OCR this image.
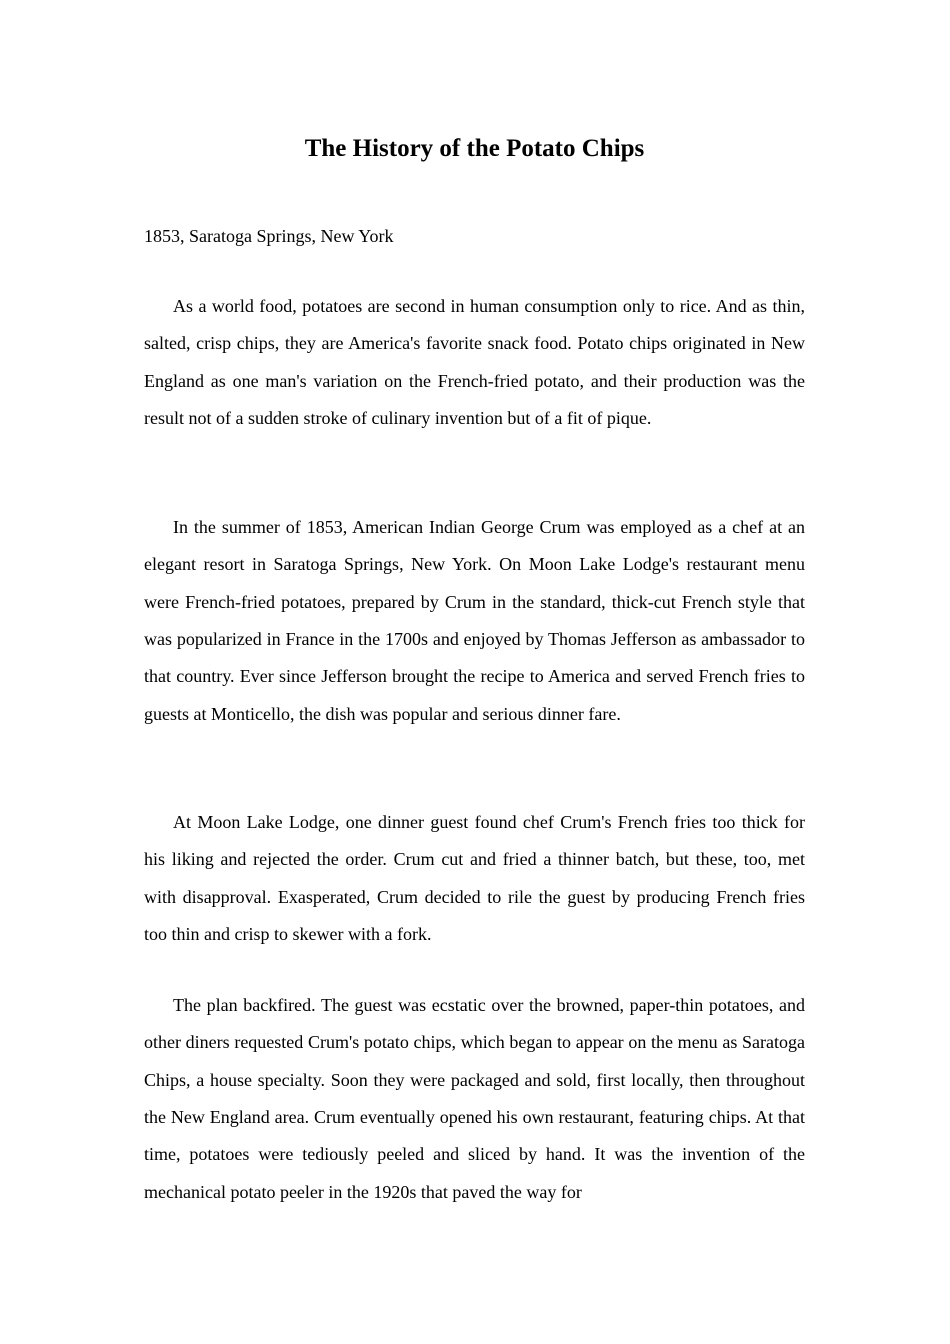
The History of the Potato Chips

1853, Saratoga Springs, New York

As a world food, potatoes are second in human consumption only to rice. And as thin, salted, crisp chips, they are America's favorite snack food. Potato chips originated in New England as one man's variation on the French-fried potato, and their production was the result not of a sudden stroke of culinary invention but of a fit of pique.

In the summer of 1853, American Indian George Crum was employed as a chef at an elegant resort in Saratoga Springs, New York. On Moon Lake Lodge's restaurant menu were French-fried potatoes, prepared by Crum in the standard, thick-cut French style that was popularized in France in the 1700s and enjoyed by Thomas Jefferson as ambassador to that country. Ever since Jefferson brought the recipe to America and served French fries to guests at Monticello, the dish was popular and serious dinner fare.

At Moon Lake Lodge, one dinner guest found chef Crum's French fries too thick for his liking and rejected the order. Crum cut and fried a thinner batch, but these, too, met with disapproval. Exasperated, Crum decided to rile the guest by producing French fries too thin and crisp to skewer with a fork.

The plan backfired. The guest was ecstatic over the browned, paper-thin potatoes, and other diners requested Crum's potato chips, which began to appear on the menu as Saratoga Chips, a house specialty. Soon they were packaged and sold, first locally, then throughout the New England area. Crum eventually opened his own restaurant, featuring chips. At that time, potatoes were tediously peeled and sliced by hand. It was the invention of the mechanical potato peeler in the 1920s that paved the way for
